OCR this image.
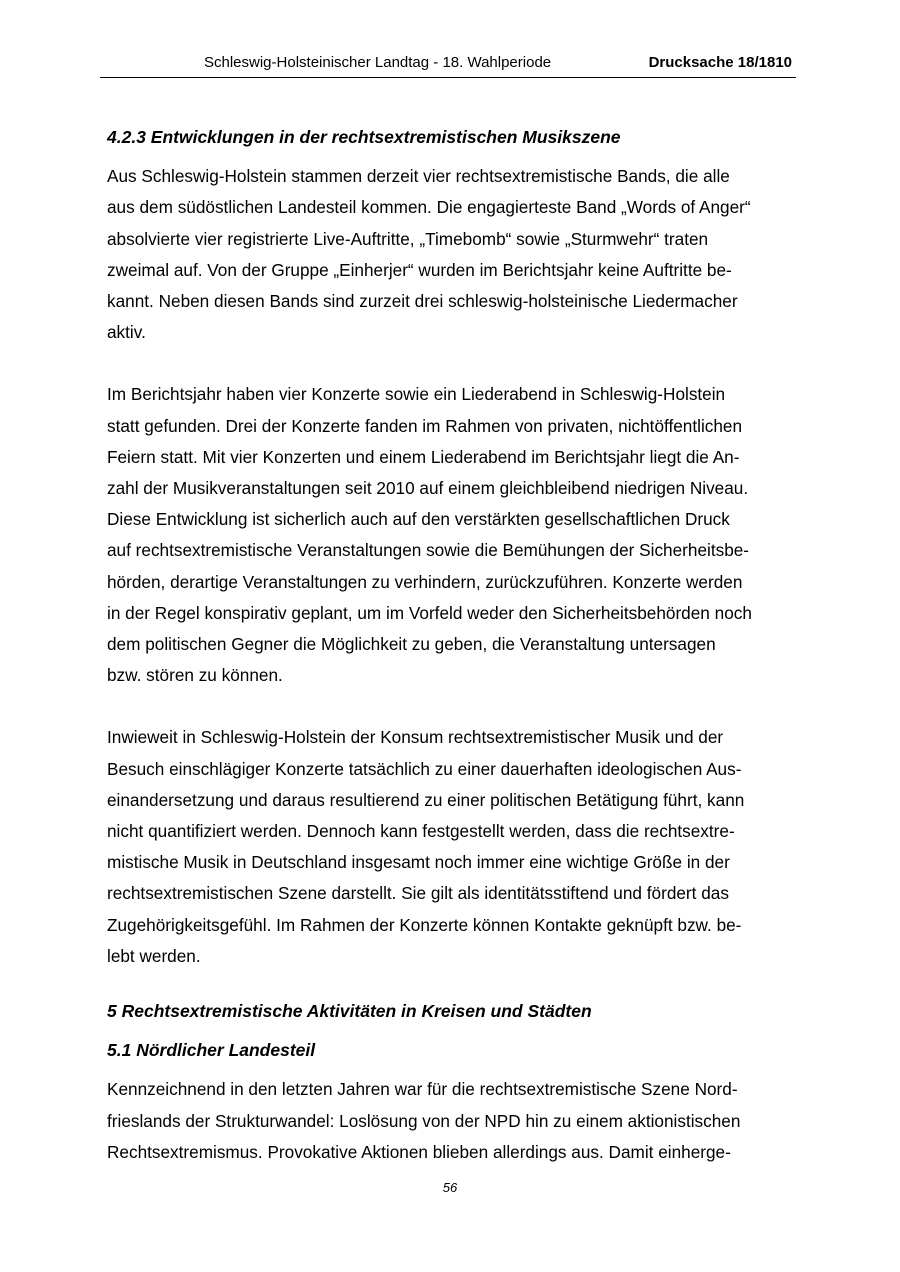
Schleswig-Holsteinischer Landtag - 18. Wahlperiode	Drucksache 18/1810
4.2.3 Entwicklungen in der rechtsextremistischen Musikszene

Aus Schleswig-Holstein stammen derzeit vier rechtsextremistische Bands, die alle
aus dem südöstlichen Landesteil kommen. Die engagierteste Band „Words of Anger“
absolvierte vier registrierte Live-Auftritte, „Timebomb“ sowie „Sturmwehr“ traten
zweimal auf. Von der Gruppe „Einherjer“ wurden im Berichtsjahr keine Auftritte be-
kannt. Neben diesen Bands sind zurzeit drei schleswig-holsteinische Liedermacher
aktiv.

Im Berichtsjahr haben vier Konzerte sowie ein Liederabend in Schleswig-Holstein
statt gefunden. Drei der Konzerte fanden im Rahmen von privaten, nichtöffentlichen
Feiern statt. Mit vier Konzerten und einem Liederabend im Berichtsjahr liegt die An-
zahl der Musikveranstaltungen seit 2010 auf einem gleichbleibend niedrigen Niveau.
Diese Entwicklung ist sicherlich auch auf den verstärkten gesellschaftlichen Druck
auf rechtsextremistische Veranstaltungen sowie die Bemühungen der Sicherheitsbe-
hörden, derartige Veranstaltungen zu verhindern, zurückzuführen. Konzerte werden
in der Regel konspirativ geplant, um im Vorfeld weder den Sicherheitsbehörden noch
dem politischen Gegner die Möglichkeit zu geben, die Veranstaltung untersagen
bzw. stören zu können.

Inwieweit in Schleswig-Holstein der Konsum rechtsextremistischer Musik und der
Besuch einschlägiger Konzerte tatsächlich zu einer dauerhaften ideologischen Aus-
einandersetzung und daraus resultierend zu einer politischen Betätigung führt, kann
nicht quantifiziert werden. Dennoch kann festgestellt werden, dass die rechtsextre-
mistische Musik in Deutschland insgesamt noch immer eine wichtige Größe in der
rechtsextremistischen Szene darstellt. Sie gilt als identitätsstiftend und fördert das
Zugehörigkeitsgefühl. Im Rahmen der Konzerte können Kontakte geknüpft bzw. be-
lebt werden.

5 Rechtsextremistische Aktivitäten in Kreisen und Städten
5.1 Nördlicher Landesteil

Kennzeichnend in den letzten Jahren war für die rechtsextremistische Szene Nord-
frieslands der Strukturwandel: Loslösung von der NPD hin zu einem aktionistischen
Rechtsextremismus. Provokative Aktionen blieben allerdings aus. Damit einherge-

56
